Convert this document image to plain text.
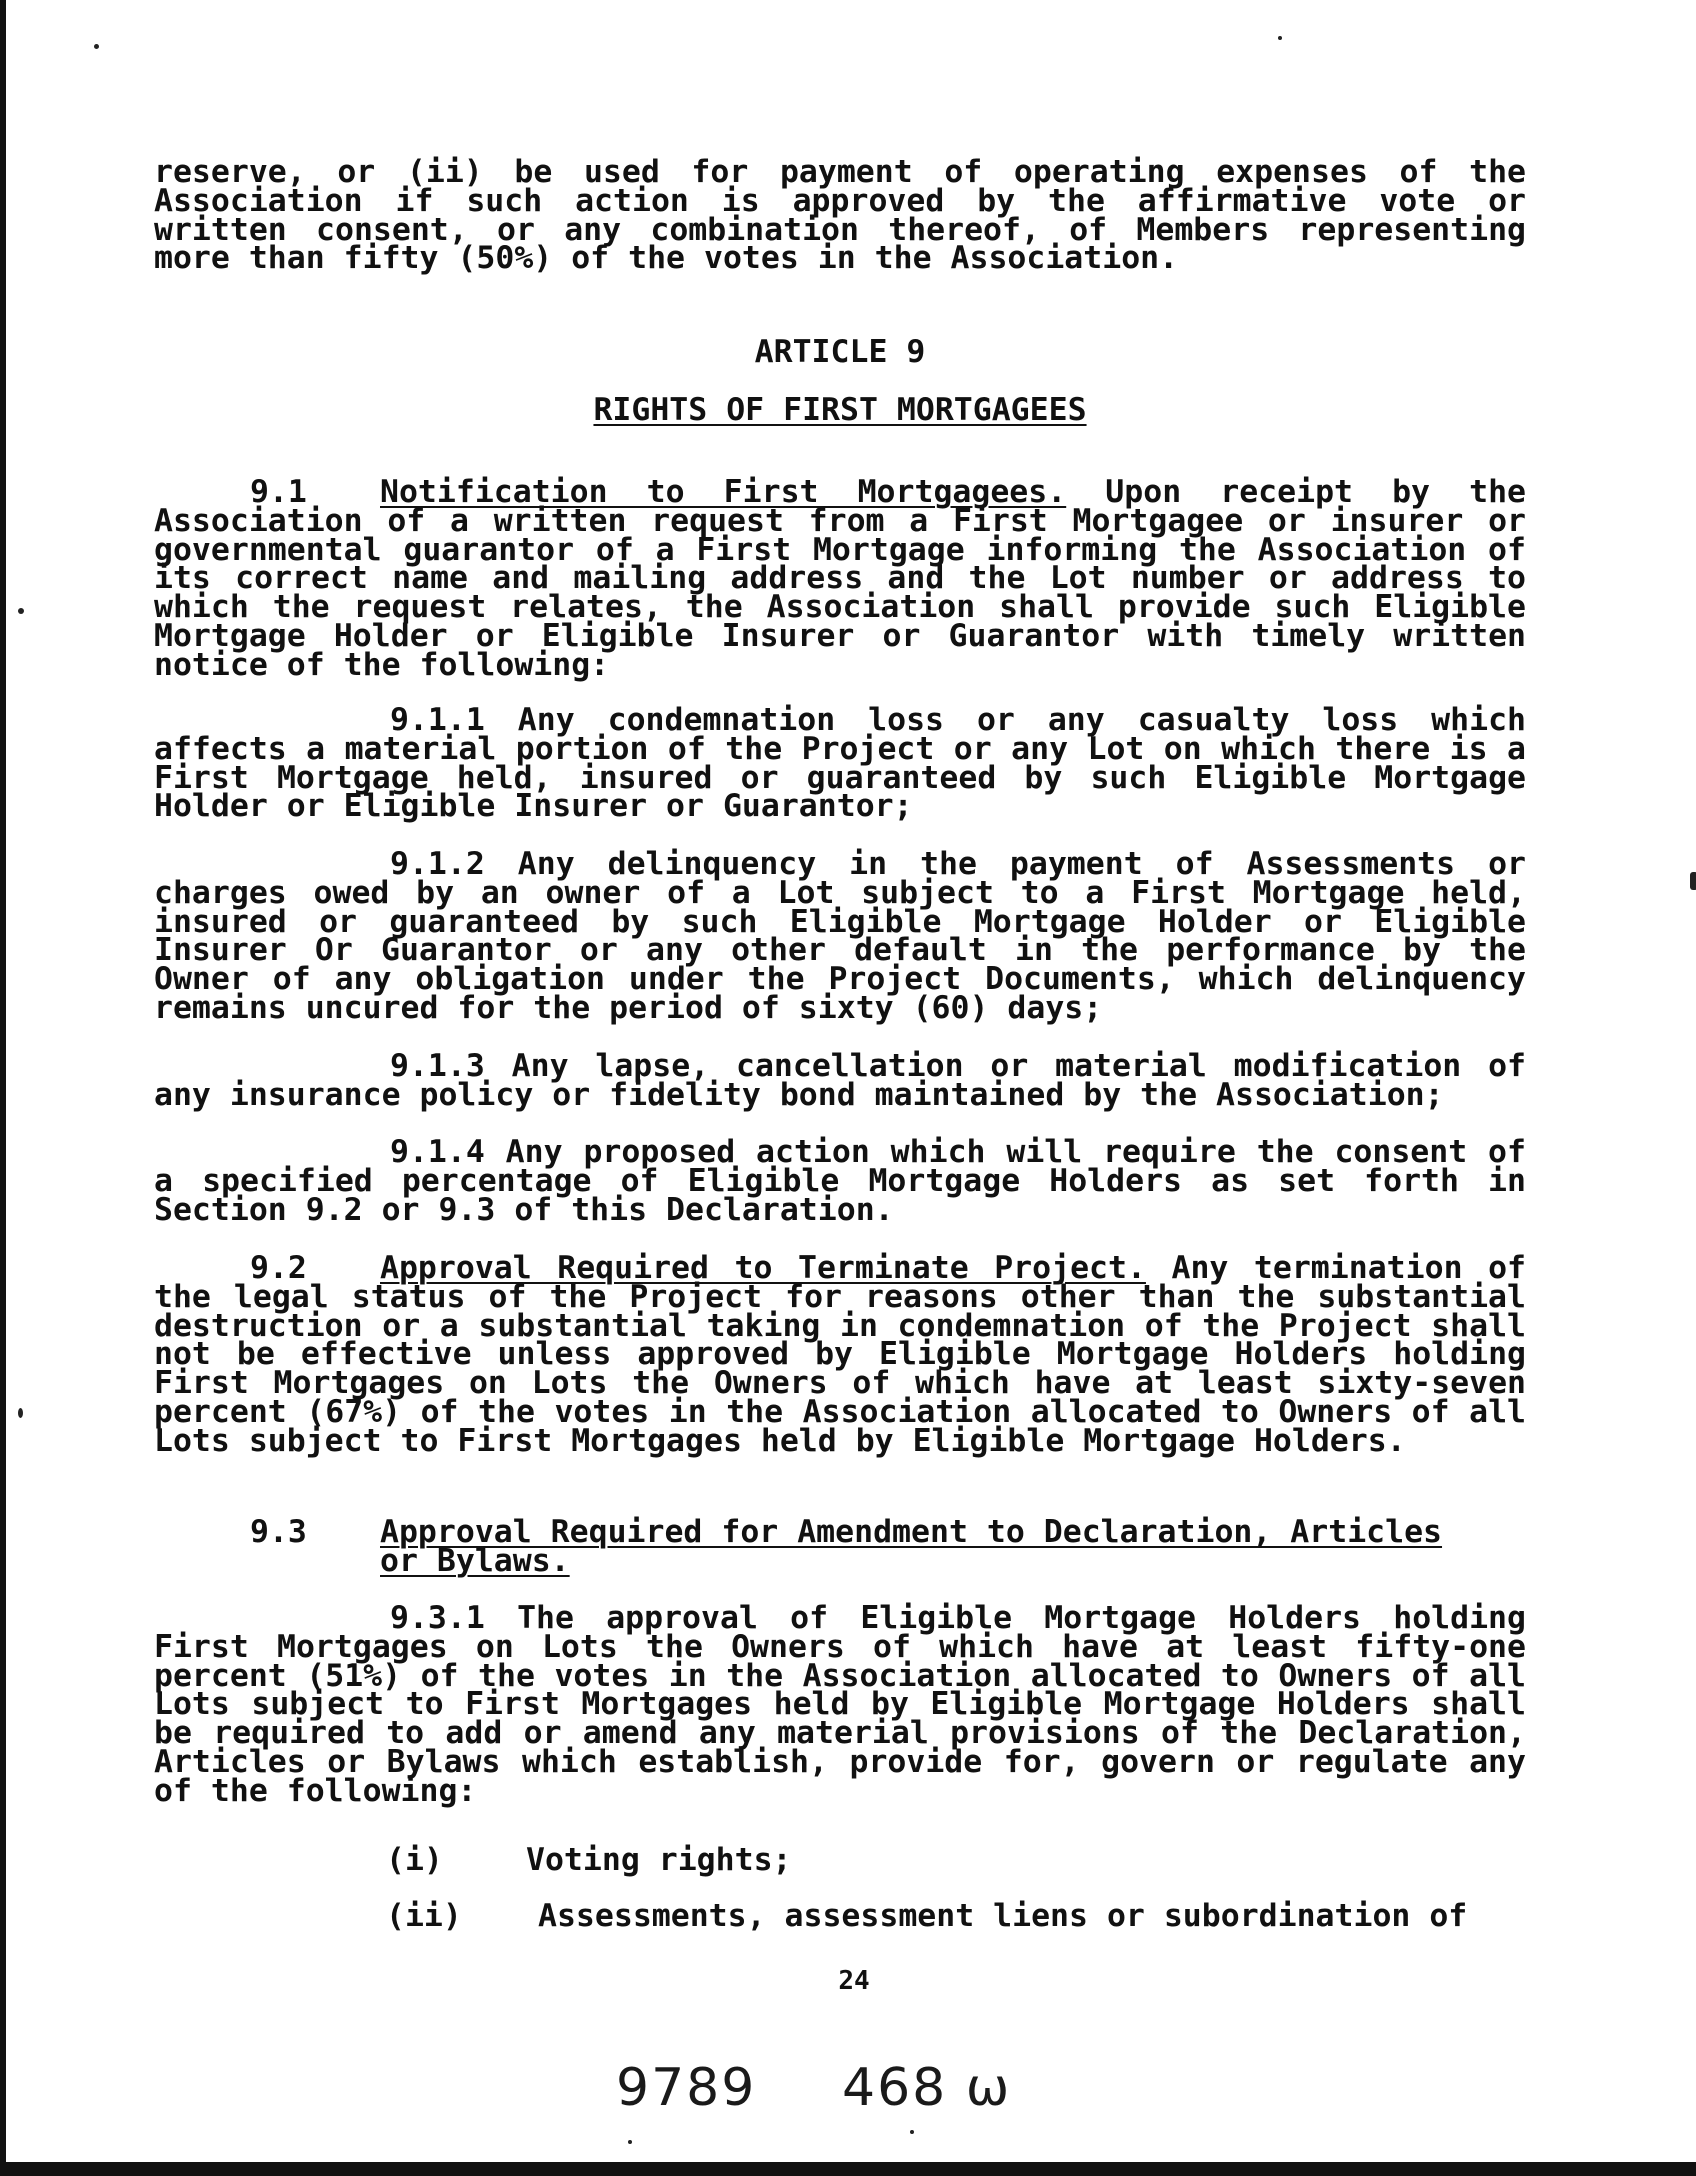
reserve, or (ii) be used for payment of operating expenses of the Association if such action is approved by the affirmative vote or written consent, or any combination thereof, of Members representing more than fifty (50%) of the votes in the Association.

ARTICLE 9
RIGHTS OF FIRST MORTGAGEES

9.1 Notification to First Mortgagees. Upon receipt by the Association of a written request from a First Mortgagee or insurer or governmental guarantor of a First Mortgage informing the Association of its correct name and mailing address and the Lot number or address to which the request relates, the Association shall provide such Eligible Mortgage Holder or Eligible Insurer or Guarantor with timely written notice of the following:

9.1.1 Any condemnation loss or any casualty loss which affects a material portion of the Project or any Lot on which there is a First Mortgage held, insured or guaranteed by such Eligible Mortgage Holder or Eligible Insurer or Guarantor;

9.1.2 Any delinquency in the payment of Assessments or charges owed by an owner of a Lot subject to a First Mortgage held, insured or guaranteed by such Eligible Mortgage Holder or Eligible Insurer Or Guarantor or any other default in the performance by the Owner of any obligation under the Project Documents, which delinquency remains uncured for the period of sixty (60) days;

9.1.3 Any lapse, cancellation or material modification of any insurance policy or fidelity bond maintained by the Association;

9.1.4 Any proposed action which will require the consent of a specified percentage of Eligible Mortgage Holders as set forth in Section 9.2 or 9.3 of this Declaration.

9.2 Approval Required to Terminate Project. Any termination of the legal status of the Project for reasons other than the substantial destruction or a substantial taking in condemnation of the Project shall not be effective unless approved by Eligible Mortgage Holders holding First Mortgages on Lots the Owners of which have at least sixty-seven percent (67%) of the votes in the Association allocated to Owners of all Lots subject to First Mortgages held by Eligible Mortgage Holders.

9.3 Approval Required for Amendment to Declaration, Articles
or Bylaws.

9.3.1 The approval of Eligible Mortgage Holders holding First Mortgages on Lots the Owners of which have at least fifty-one percent (51%) of the votes in the Association allocated to Owners of all Lots subject to First Mortgages held by Eligible Mortgage Holders shall be required to add or amend any material provisions of the Declaration, Articles or Bylaws which establish, provide for, govern or regulate any of the following:

(i)	Voting rights;
(ii) Assessments, assessment liens or subordination of
24
9789 468 ω
